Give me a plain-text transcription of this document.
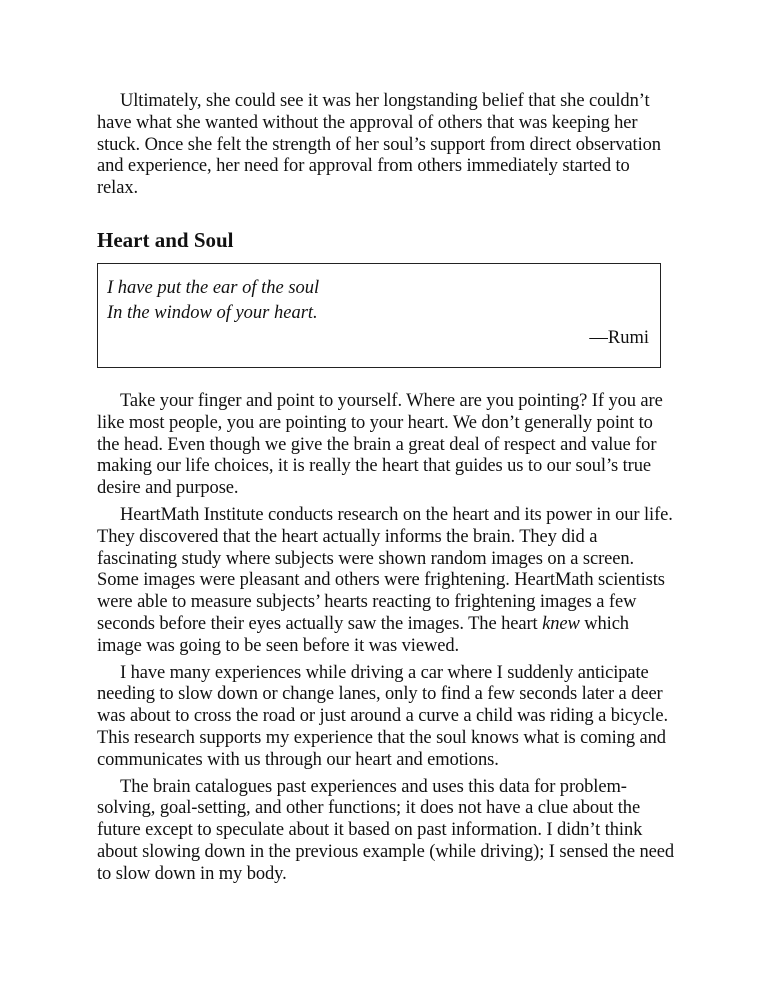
Ultimately, she could see it was her longstanding belief that she couldn’t have what she wanted without the approval of others that was keeping her stuck. Once she felt the strength of her soul’s support from direct observation and experience, her need for approval from others immediately started to relax.

Heart and Soul
I have put the ear of the soul
In the window of your heart.
—Rumi

Take your finger and point to yourself. Where are you pointing? If you are like most people, you are pointing to your heart. We don’t generally point to the head. Even though we give the brain a great deal of respect and value for making our life choices, it is really the heart that guides us to our soul’s true desire and purpose.

HeartMath Institute conducts research on the heart and its power in our life. They discovered that the heart actually informs the brain. They did a fascinating study where subjects were shown random images on a screen. Some images were pleasant and others were frightening. HeartMath scientists were able to measure subjects’ hearts reacting to frightening images a few seconds before their eyes actually saw the images. The heart knew which image was going to be seen before it was viewed.

I have many experiences while driving a car where I suddenly anticipate needing to slow down or change lanes, only to find a few seconds later a deer was about to cross the road or just around a curve a child was riding a bicycle. This research supports my experience that the soul knows what is coming and communicates with us through our heart and emotions.

The brain catalogues past experiences and uses this data for problem-solving, goal-setting, and other functions; it does not have a clue about the future except to speculate about it based on past information. I didn’t think about slowing down in the previous example (while driving); I sensed the need to slow down in my body.
